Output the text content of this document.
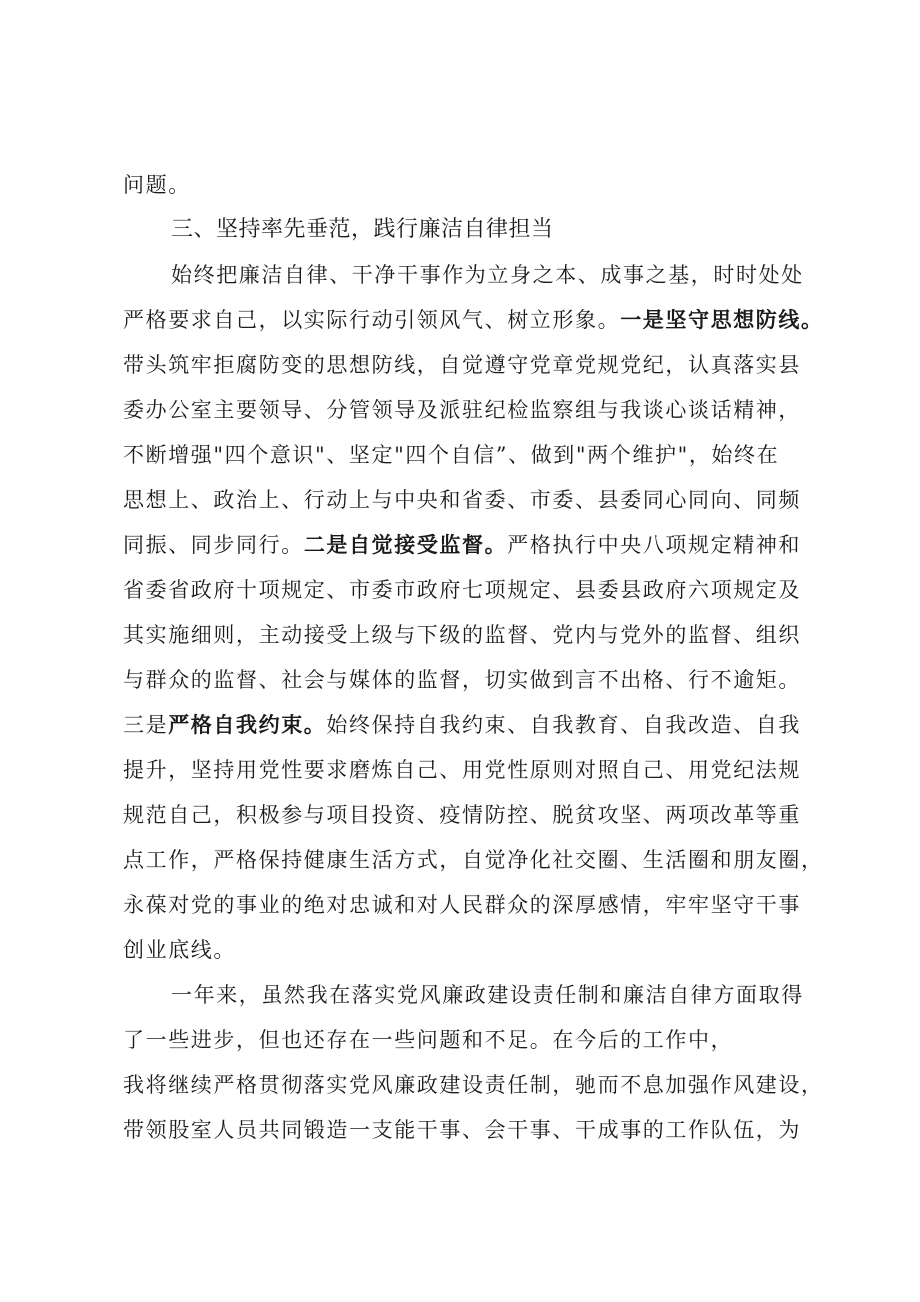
问题。
三、坚持率先垂范，践行廉洁自律担当
始终把廉洁自律、干净干事作为立身之本、成事之基，时时处处
严格要求自己，以实际行动引领风气、树立形象。一是坚守思想防线。
带头筑牢拒腐防变的思想防线，自觉遵守党章党规党纪，认真落实县
委办公室主要领导、分管领导及派驻纪检监察组与我谈心谈话精神，
不断增强"四个意识"、坚定"四个自信”、做到"两个维护"，始终在
思想上、政治上、行动上与中央和省委、市委、县委同心同向、同频
同振、同步同行。二是自觉接受监督。严格执行中央八项规定精神和
省委省政府十项规定、市委市政府七项规定、县委县政府六项规定及
其实施细则，主动接受上级与下级的监督、党内与党外的监督、组织
与群众的监督、社会与媒体的监督，切实做到言不出格、行不逾矩。
三是严格自我约束。始终保持自我约束、自我教育、自我改造、自我
提升，坚持用党性要求磨炼自己、用党性原则对照自己、用党纪法规
规范自己，积极参与项目投资、疫情防控、脱贫攻坚、两项改革等重
点工作，严格保持健康生活方式，自觉净化社交圈、生活圈和朋友圈，
永葆对党的事业的绝对忠诚和对人民群众的深厚感情，牢牢坚守干事
创业底线。
一年来，虽然我在落实党风廉政建设责任制和廉洁自律方面取得
了一些进步，但也还存在一些问题和不足。在今后的工作中，
我将继续严格贯彻落实党风廉政建设责任制，驰而不息加强作风建设，
带领股室人员共同锻造一支能干事、会干事、干成事的工作队伍，为
